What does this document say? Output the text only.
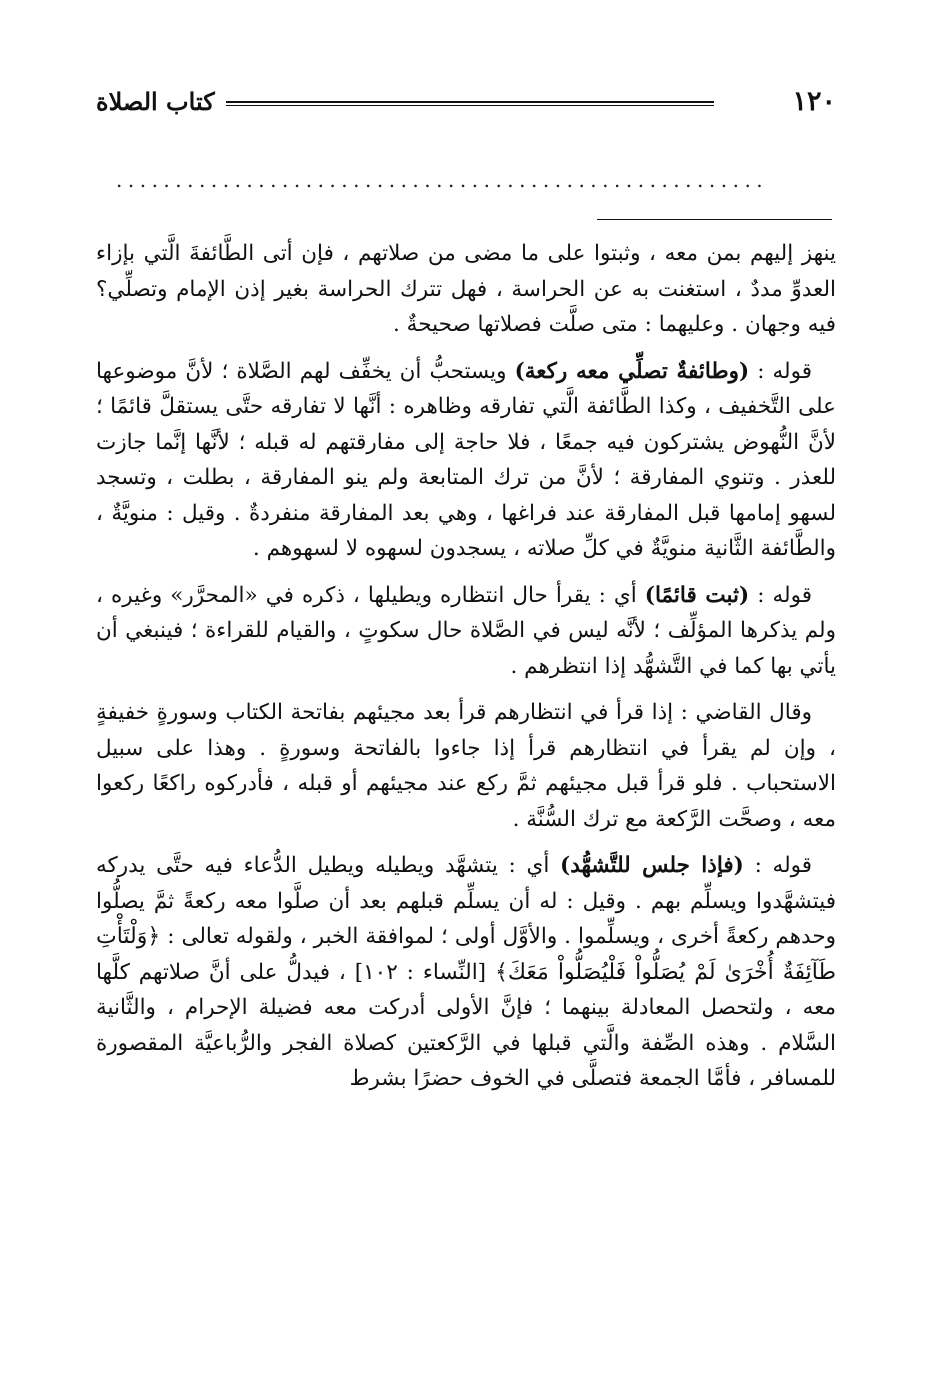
١٢٠
كتاب الصلاة
.......................................................

ينهز إليهم بمن معه ، وثبتوا على ما مضى من صلاتهم ، فإن أتى الطَّائفةَ الَّتي بإزاء العدوِّ مددٌ ، استغنت به عن الحراسة ، فهل تترك الحراسة بغير إذن الإمام وتصلِّي؟ فيه وجهان . وعليهما : متى صلَّت فصلاتها صحيحةٌ .

قوله : (وطائفةٌ تصلِّي معه ركعة) ويستحبُّ أن يخفِّف لهم الصَّلاة ؛ لأنَّ موضوعها على التَّخفيف ، وكذا الطَّائفة الَّتي تفارقه وظاهره : أنَّها لا تفارقه حتَّى يستقلَّ قائمًا ؛ لأنَّ النُّهوض يشتركون فيه جمعًا ، فلا حاجة إلى مفارقتهم له قبله ؛ لأنَّها إنَّما جازت للعذر . وتنوي المفارقة ؛ لأنَّ من ترك المتابعة ولم ينو المفارقة ، بطلت ، وتسجد لسهو إمامها قبل المفارقة عند فراغها ، وهي بعد المفارقة منفردةٌ . وقيل : منويَّةٌ ، والطَّائفة الثَّانية منويَّةٌ في كلِّ صلاته ، يسجدون لسهوه لا لسهوهم .

قوله : (ثبت قائمًا) أي : يقرأ حال انتظاره ويطيلها ، ذكره في «المحرَّر» وغيره ، ولم يذكرها المؤلِّف ؛ لأنَّه ليس في الصَّلاة حال سكوتٍ ، والقيام للقراءة ؛ فينبغي أن يأتي بها كما في التَّشهُّد إذا انتظرهم .

وقال القاضي : إذا قرأ في انتظارهم قرأ بعد مجيئهم بفاتحة الكتاب وسورةٍ خفيفةٍ ، وإن لم يقرأ في انتظارهم قرأ إذا جاءوا بالفاتحة وسورةٍ . وهذا على سبيل الاستحباب . فلو قرأ قبل مجيئهم ثمَّ ركع عند مجيئهم أو قبله ، فأدركوه راكعًا ركعوا معه ، وصحَّت الرَّكعة مع ترك السُّنَّة .

قوله : (فإذا جلس للتَّشهُّد) أي : يتشهَّد ويطيله ويطيل الدُّعاء فيه حتَّى يدركه فيتشهَّدوا ويسلِّم بهم . وقيل : له أن يسلِّم قبلهم بعد أن صلَّوا معه ركعةً ثمَّ يصلُّوا وحدهم ركعةً أخرى ، ويسلِّموا . والأوَّل أولى ؛ لموافقة الخبر ، ولقوله تعالى : ﴿وَلْتَأْتِ طَآئِفَةٌ أُخْرَىٰ لَمْ يُصَلُّواْ فَلْيُصَلُّواْ مَعَكَ﴾ [النِّساء : ١٠٢] ، فيدلُّ على أنَّ صلاتهم كلَّها معه ، ولتحصل المعادلة بينهما ؛ فإنَّ الأولى أدركت معه فضيلة الإحرام ، والثَّانية السَّلام . وهذه الصِّفة والَّتي قبلها في الرَّكعتين كصلاة الفجر والرُّباعيَّة المقصورة للمسافر ، فأمَّا الجمعة فتصلَّى في الخوف حضرًا بشرط
